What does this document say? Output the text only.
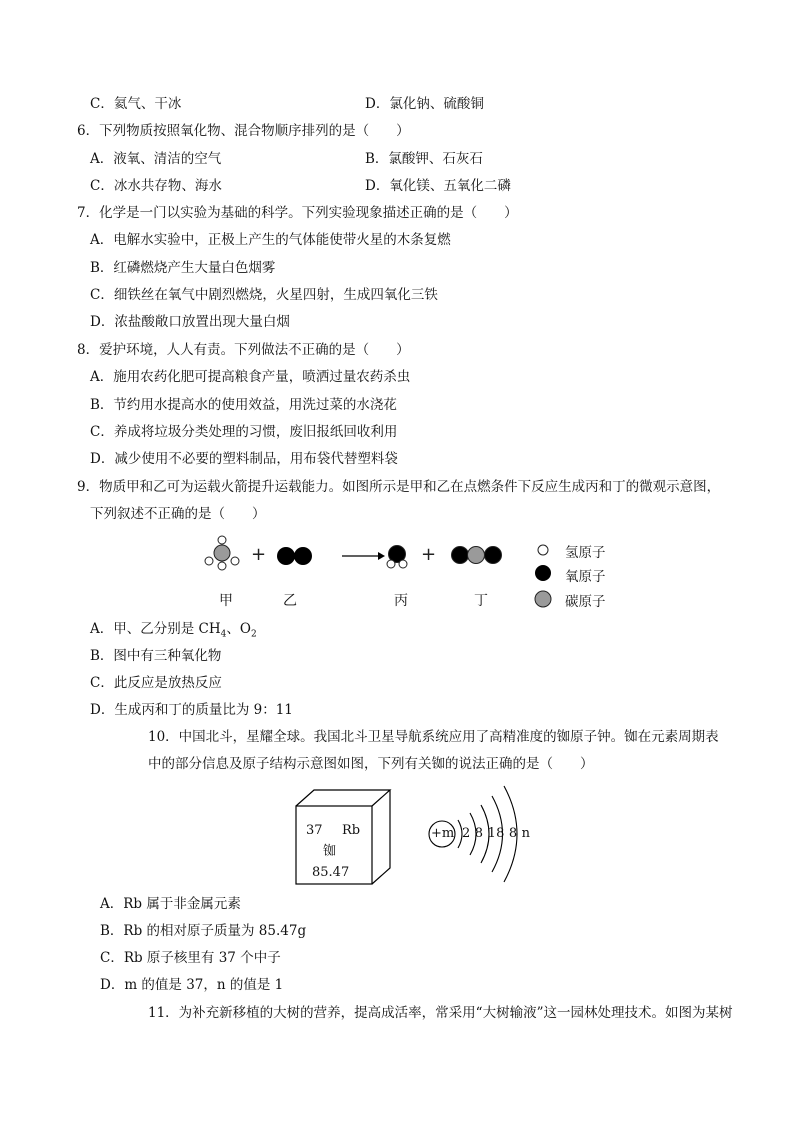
C．氦气、干冰	D．氯化钠、硫酸铜
6．下列物质按照氧化物、混合物顺序排列的是（　　）
A．液氧、清洁的空气	B．氯酸钾、石灰石
C．冰水共存物、海水	D．氧化镁、五氧化二磷
7．化学是一门以实验为基础的科学。下列实验现象描述正确的是（　　）
A．电解水实验中，正极上产生的气体能使带火星的木条复燃
B．红磷燃烧产生大量白色烟雾
C．细铁丝在氧气中剧烈燃烧，火星四射，生成四氧化三铁
D．浓盐酸敞口放置出现大量白烟
8．爱护环境，人人有责。下列做法不正确的是（　　）
A．施用农药化肥可提高粮食产量，喷洒过量农药杀虫
B．节约用水提高水的使用效益，用洗过菜的水浇花
C．养成将垃圾分类处理的习惯，废旧报纸回收利用
D．减少使用不必要的塑料制品，用布袋代替塑料袋
9．物质甲和乙可为运载火箭提升运载能力。如图所示是甲和乙在点燃条件下反应生成丙和丁的微观示意图，
下列叙述不正确的是（　　）
+	+	氢原子
氧原子
碳原子
甲	乙	丙	丁
A．甲、乙分别是 $CH_4$、$O_2$
B．图中有三种氧化物
C．此反应是放热反应
D．生成丙和丁的质量比为 9：11
10．中国北斗，星耀全球。我国北斗卫星导航系统应用了高精准度的铷原子钟。铷在元素周期表
中的部分信息及原子结构示意图如图，下列有关铷的说法正确的是（　　）
37 Rb
铷
85.47
+m 2 8 18 8 n
A．Rb 属于非金属元素
B．Rb 的相对原子质量为 85.47g
C．Rb 原子核里有 37 个中子
D．m 的值是 37，n 的值是 1
11．为补充新移植的大树的营养，提高成活率，常采用“大树输液”这一园林处理技术。如图为某树
